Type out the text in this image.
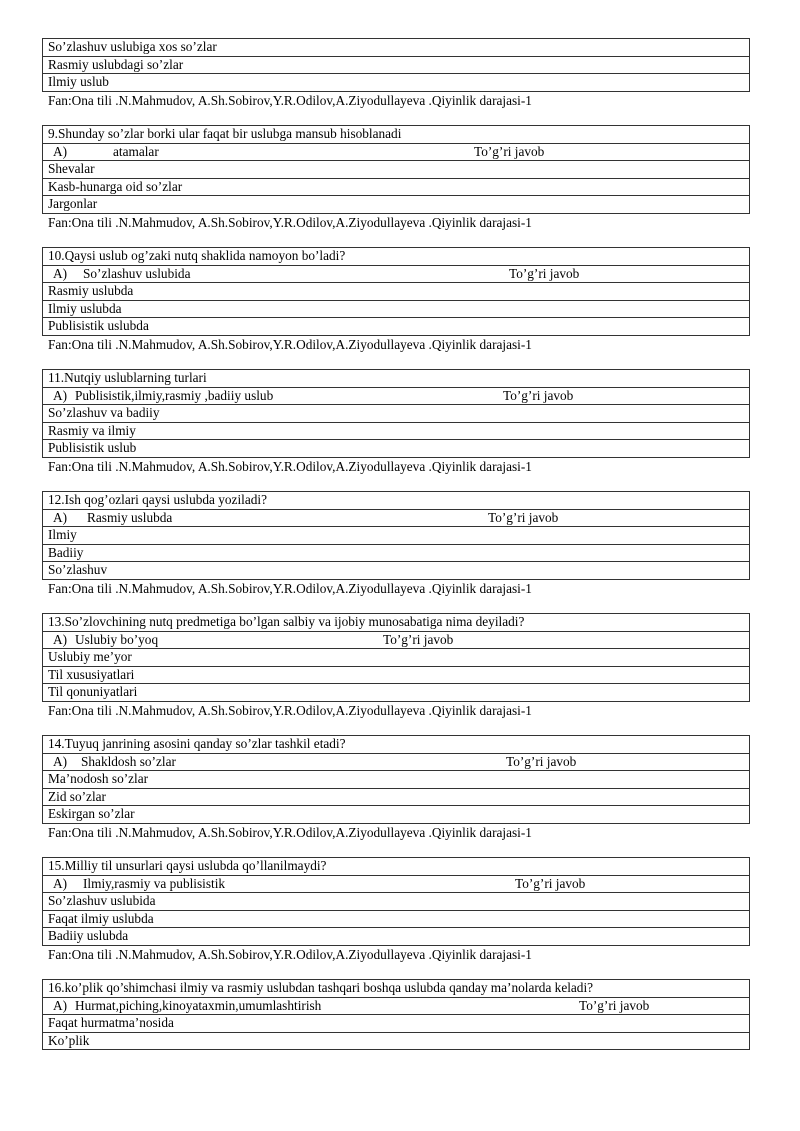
So’zlashuv uslubiga xos so’zlar
Rasmiy uslubdagi so’zlar
Ilmiy uslub
Fan:Ona tili .N.Mahmudov, A.Sh.Sobirov,Y.R.Odilov,A.Ziyodullayeva .Qiyinlik darajasi-1
9.Shunday so’zlar borki ular faqat bir uslubga mansub hisoblanadi
A)	atamalar	To’g’ri javob

Shevalar
Kasb-hunarga oid so’zlar
Jargonlar
Fan:Ona tili .N.Mahmudov, A.Sh.Sobirov,Y.R.Odilov,A.Ziyodullayeva .Qiyinlik darajasi-1
10.Qaysi uslub og’zaki nutq shaklida namoyon bo’ladi?
A) So’zlashuv uslubida	To’g’ri javob

Rasmiy uslubda
Ilmiy uslubda
Publisistik uslubda
Fan:Ona tili .N.Mahmudov, A.Sh.Sobirov,Y.R.Odilov,A.Ziyodullayeva .Qiyinlik darajasi-1
11.Nutqiy uslublarning turlari
A) Publisistik,ilmiy,rasmiy ,badiiy uslub	To’g’ri javob

So’zlashuv va badiiy
Rasmiy va ilmiy
Publisistik uslub
Fan:Ona tili .N.Mahmudov, A.Sh.Sobirov,Y.R.Odilov,A.Ziyodullayeva .Qiyinlik darajasi-1
12.Ish qog’ozlari qaysi uslubda yoziladi?
A) Rasmiy uslubda	To’g’ri javob

Ilmiy
Badiiy
So’zlashuv
Fan:Ona tili .N.Mahmudov, A.Sh.Sobirov,Y.R.Odilov,A.Ziyodullayeva .Qiyinlik darajasi-1
13.So’zlovchining nutq predmetiga bo’lgan salbiy va ijobiy munosabatiga nima deyiladi?
A) Uslubiy bo’yoq	To’g’ri javob

Uslubiy me’yor
Til xususiyatlari
Til qonuniyatlari
Fan:Ona tili .N.Mahmudov, A.Sh.Sobirov,Y.R.Odilov,A.Ziyodullayeva .Qiyinlik darajasi-1
14.Tuyuq janrining asosini qanday so’zlar tashkil etadi?
A) Shakldosh so’zlar	To’g’ri javob

Ma’nodosh so’zlar
Zid so’zlar
Eskirgan so’zlar
Fan:Ona tili .N.Mahmudov, A.Sh.Sobirov,Y.R.Odilov,A.Ziyodullayeva .Qiyinlik darajasi-1
15.Milliy til unsurlari qaysi uslubda qo’llanilmaydi?
A) Ilmiy,rasmiy va publisistik	To’g’ri javob

So’zlashuv uslubida
Faqat ilmiy uslubda
Badiiy uslubda
Fan:Ona tili .N.Mahmudov, A.Sh.Sobirov,Y.R.Odilov,A.Ziyodullayeva .Qiyinlik darajasi-1
16.ko’plik qo’shimchasi ilmiy va rasmiy uslubdan tashqari boshqa uslubda qanday ma’nolarda keladi?
A) Hurmat,piching,kinoyataxmin,umumlashtirish	To’g’ri javob

Faqat hurmatma’nosida
Ko’plik
